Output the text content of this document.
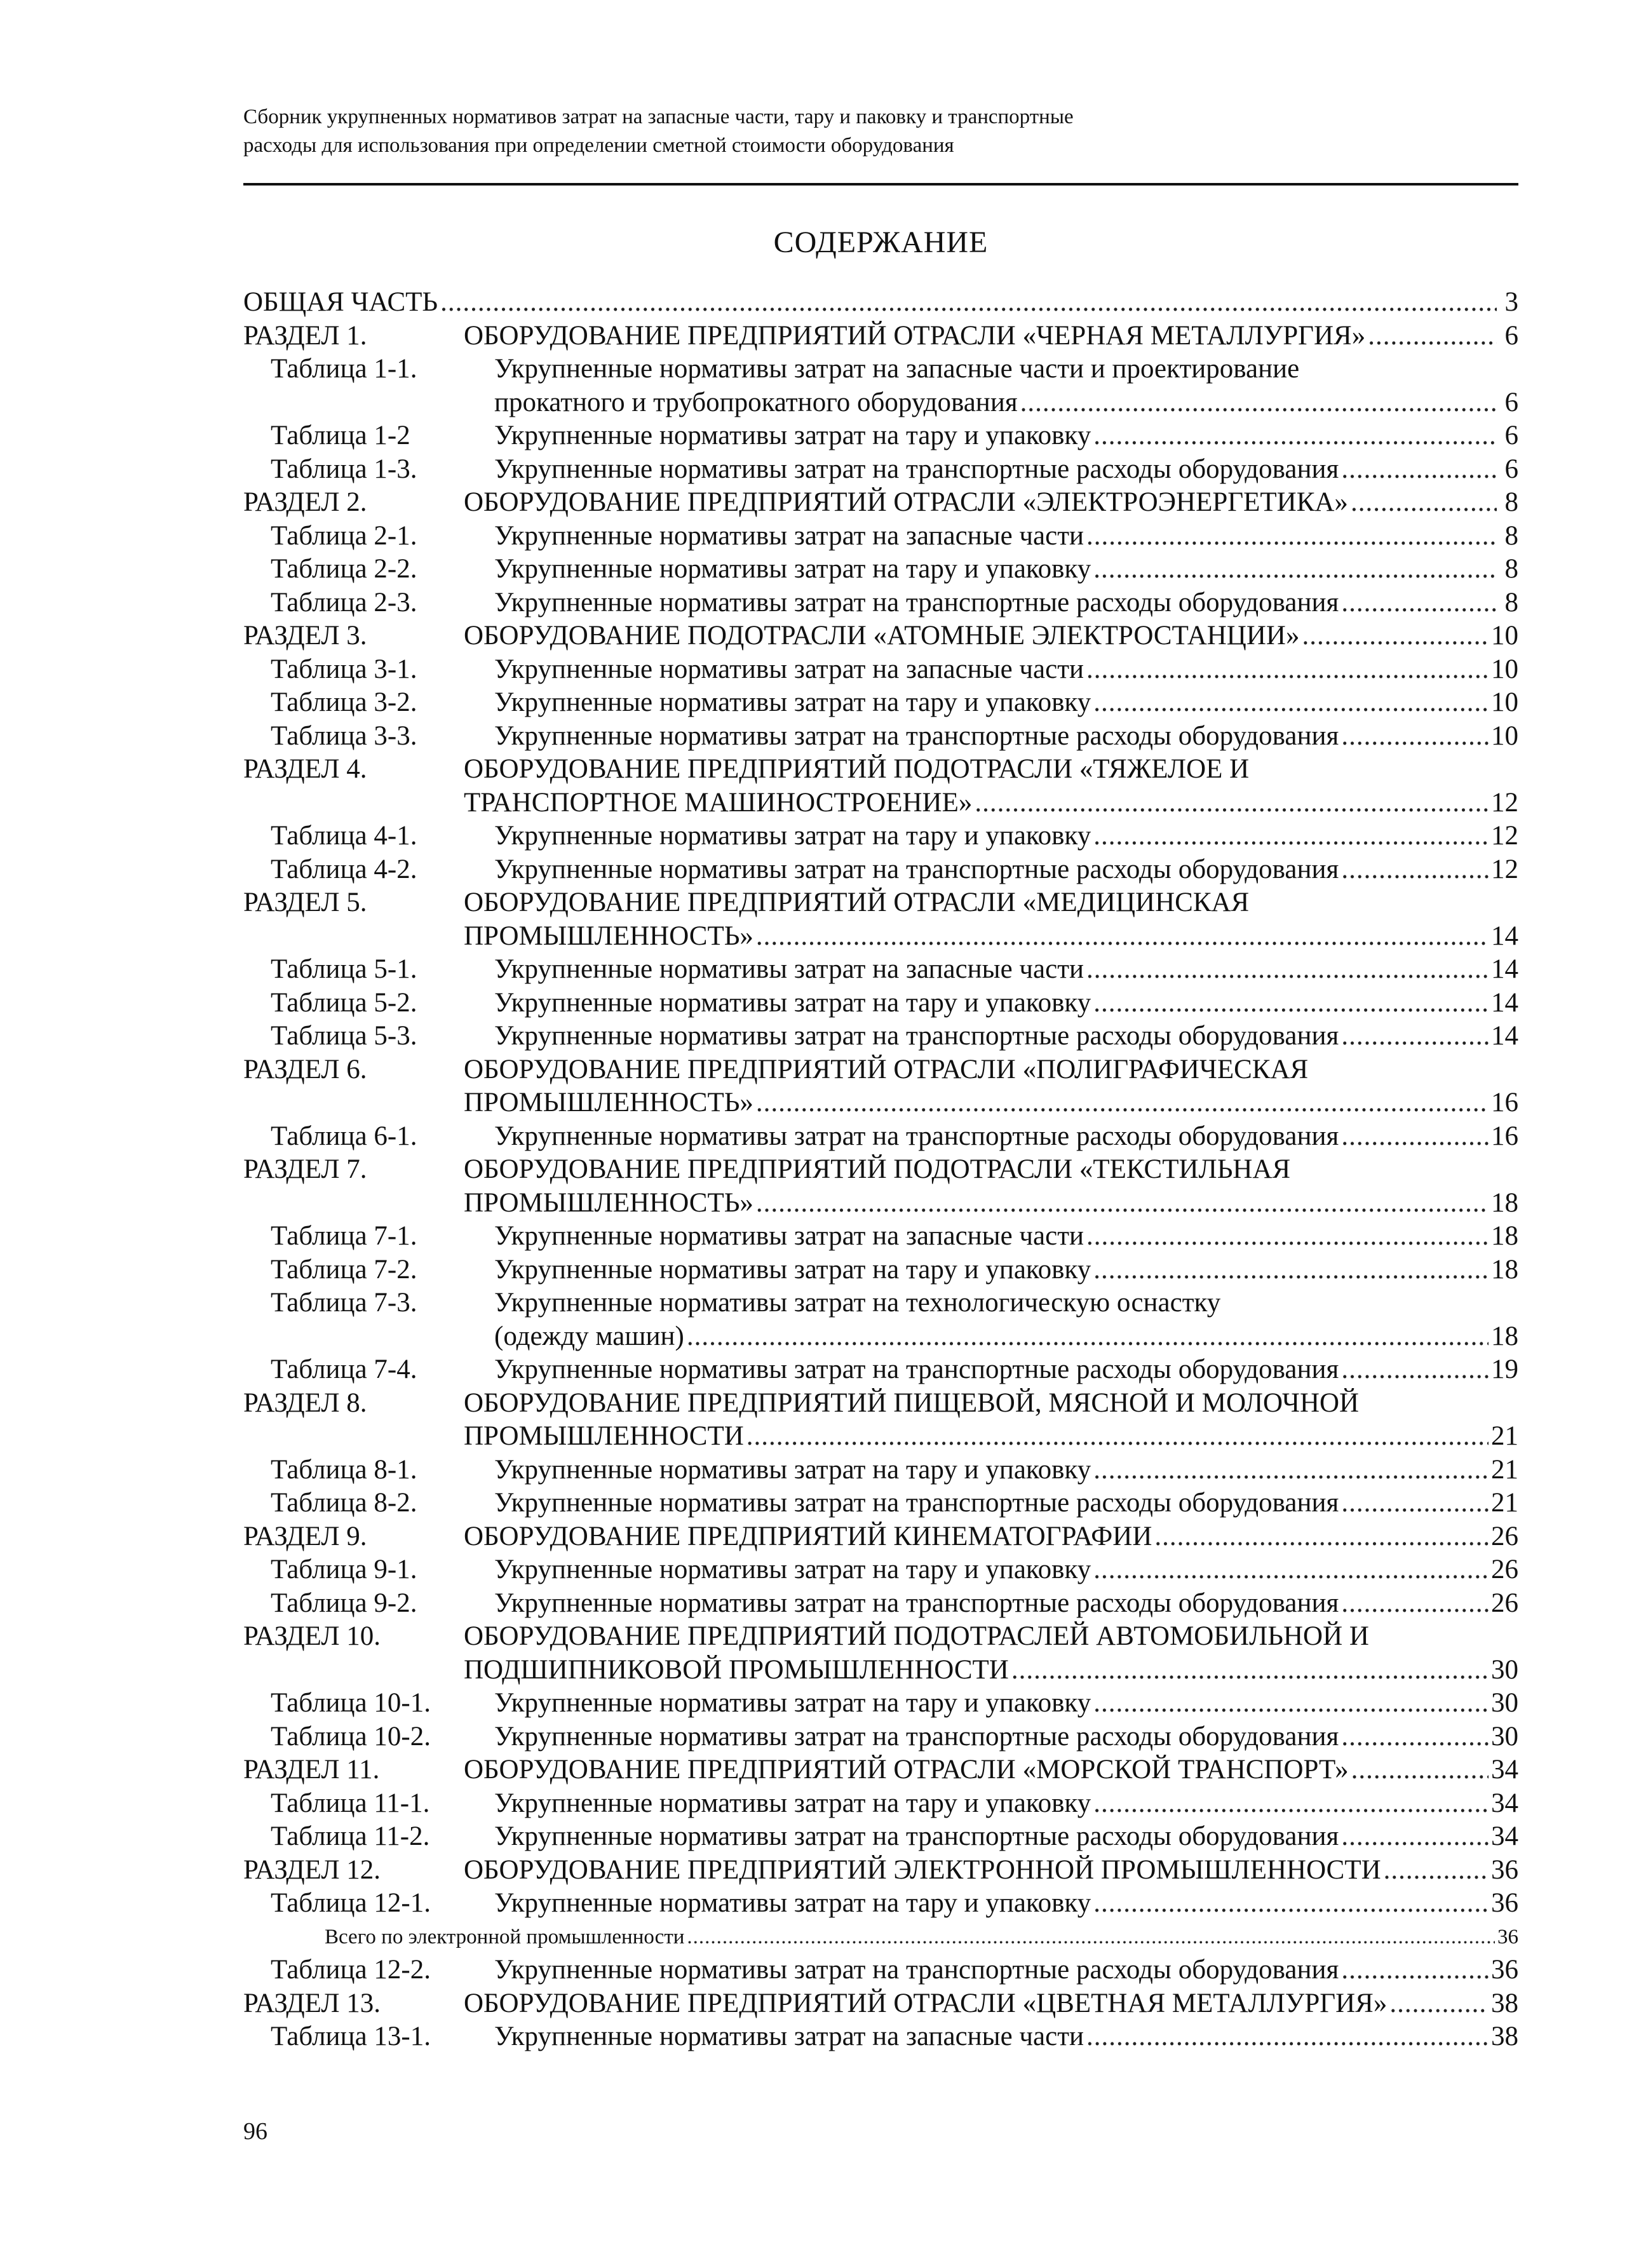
Сборник укрупненных нормативов затрат на запасные части, тару и паковку и транспортные
расходы для использования при определении сметной стоимости оборудования
СОДЕРЖАНИЕ
ОБЩАЯ ЧАСТЬ .....	3
РАЗДЕЛ 1.	ОБОРУДОВАНИЕ ПРЕДПРИЯТИЙ ОТРАСЛИ «ЧЕРНАЯ МЕТАЛЛУРГИЯ» .....	6
Таблица 1-1.	Укрупненные нормативы затрат на запасные части и проектирование
прокатного и трубопрокатного оборудования .....	6
Таблица 1-2	Укрупненные нормативы затрат на тару и упаковку .....	6
Таблица 1-3.	Укрупненные нормативы затрат на транспортные расходы оборудования .....	6
РАЗДЕЛ 2.	ОБОРУДОВАНИЕ ПРЕДПРИЯТИЙ ОТРАСЛИ «ЭЛЕКТРОЭНЕРГЕТИКА» .....	8
Таблица 2-1.	Укрупненные нормативы затрат на запасные части .....	8
Таблица 2-2.	Укрупненные нормативы затрат на тару и упаковку .....	8
Таблица 2-3.	Укрупненные нормативы затрат на транспортные расходы оборудования .....	8
РАЗДЕЛ 3.	ОБОРУДОВАНИЕ ПОДОТРАСЛИ «АТОМНЫЕ ЭЛЕКТРОСТАНЦИИ» .....	10
Таблица 3-1.	Укрупненные нормативы затрат на запасные части .....	10
Таблица 3-2.	Укрупненные нормативы затрат на тару и упаковку .....	10
Таблица 3-3.	Укрупненные нормативы затрат на транспортные расходы оборудования .....	10
РАЗДЕЛ 4.	ОБОРУДОВАНИЕ ПРЕДПРИЯТИЙ ПОДОТРАСЛИ «ТЯЖЕЛОЕ И
ТРАНСПОРТНОЕ МАШИНОСТРОЕНИЕ» .....	12
Таблица 4-1.	Укрупненные нормативы затрат на тару и упаковку .....	12
Таблица 4-2.	Укрупненные нормативы затрат на транспортные расходы оборудования .....	12
РАЗДЕЛ 5.	ОБОРУДОВАНИЕ ПРЕДПРИЯТИЙ ОТРАСЛИ «МЕДИЦИНСКАЯ
ПРОМЫШЛЕННОСТЬ» .....	14
Таблица 5-1.	Укрупненные нормативы затрат на запасные части .....	14
Таблица 5-2.	Укрупненные нормативы затрат на тару и упаковку .....	14
Таблица 5-3.	Укрупненные нормативы затрат на транспортные расходы оборудования .....	14
РАЗДЕЛ 6.	ОБОРУДОВАНИЕ ПРЕДПРИЯТИЙ ОТРАСЛИ «ПОЛИГРАФИЧЕСКАЯ
ПРОМЫШЛЕННОСТЬ» .....	16
Таблица 6-1.	Укрупненные нормативы затрат на транспортные расходы оборудования .....	16
РАЗДЕЛ 7.	ОБОРУДОВАНИЕ ПРЕДПРИЯТИЙ ПОДОТРАСЛИ «ТЕКСТИЛЬНАЯ
ПРОМЫШЛЕННОСТЬ» .....	18
Таблица 7-1.	Укрупненные нормативы затрат на запасные части .....	18
Таблица 7-2.	Укрупненные нормативы затрат на тару и упаковку .....	18
Таблица 7-3.	Укрупненные нормативы затрат на технологическую оснастку
(одежду машин) .....	18
Таблица 7-4.	Укрупненные нормативы затрат на транспортные расходы оборудования .....	19
РАЗДЕЛ 8.	ОБОРУДОВАНИЕ ПРЕДПРИЯТИЙ ПИЩЕВОЙ, МЯСНОЙ И МОЛОЧНОЙ
ПРОМЫШЛЕННОСТИ .....	21
Таблица 8-1.	Укрупненные нормативы затрат на тару и упаковку .....	21
Таблица 8-2.	Укрупненные нормативы затрат на транспортные расходы оборудования .....	21
РАЗДЕЛ 9.	ОБОРУДОВАНИЕ ПРЕДПРИЯТИЙ КИНЕМАТОГРАФИИ .....	26
Таблица 9-1.	Укрупненные нормативы затрат на тару и упаковку .....	26
Таблица 9-2.	Укрупненные нормативы затрат на транспортные расходы оборудования .....	26
РАЗДЕЛ 10.	ОБОРУДОВАНИЕ ПРЕДПРИЯТИЙ ПОДОТРАСЛЕЙ АВТОМОБИЛЬНОЙ И
ПОДШИПНИКОВОЙ ПРОМЫШЛЕННОСТИ .....	30
Таблица 10-1.	Укрупненные нормативы затрат на тару и упаковку .....	30
Таблица 10-2.	Укрупненные нормативы затрат на транспортные расходы оборудования .....	30
РАЗДЕЛ 11.	ОБОРУДОВАНИЕ ПРЕДПРИЯТИЙ ОТРАСЛИ «МОРСКОЙ ТРАНСПОРТ» .....	34
Таблица 11-1.	Укрупненные нормативы затрат на тару и упаковку .....	34
Таблица 11-2.	Укрупненные нормативы затрат на транспортные расходы оборудования .....	34
РАЗДЕЛ 12.	ОБОРУДОВАНИЕ ПРЕДПРИЯТИЙ ЭЛЕКТРОННОЙ ПРОМЫШЛЕННОСТИ .....	36
Таблица 12-1.	Укрупненные нормативы затрат на тару и упаковку .....	36
Всего по электронной промышленности .....	36
Таблица 12-2.	Укрупненные нормативы затрат на транспортные расходы оборудования .....	36
РАЗДЕЛ 13.	ОБОРУДОВАНИЕ ПРЕДПРИЯТИЙ ОТРАСЛИ «ЦВЕТНАЯ МЕТАЛЛУРГИЯ» .....	38
Таблица 13-1.	Укрупненные нормативы затрат на запасные части .....	38
96
